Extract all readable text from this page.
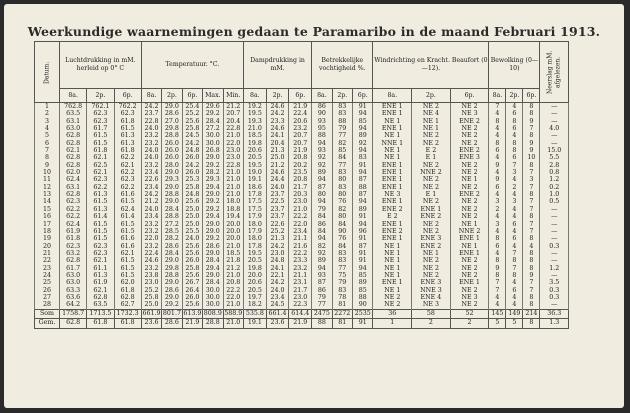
Weerkundige waarnemingen gedaan te Paramaribo in de maand Februari 1913.
Datum.	Luchtdrukking in mM. herleid op 0° C			Temperatuur. °C.					Dampdrukking in mM.			Betrekkelijke vochtigheid %.			Windrichting en Kracht. Beaufort (0—12).			Bewolking (0—10)			Neerslag mM. afgelezen.
	8a.	2p.	6p.	8a.	2p.	6p.	Max.	Min.	8a.	2p.	6p.	8a.	2p.	6p.	8a.	2p.	6p.	8a.	2p.	6p.	
1	762.8	762.1	762.2	24.2	29.0	25.4	29.6	21.2	19.2	24.6	21.9	86	83	91	ENE 1	NE 2	NE 2	7	4	8	—
2	63.5	62.3	62.3	23.7	28.6	25.2	29.2	20.7	19.5	24.2	22.4	90	83	94	ENE 1	NE 4	NE 3	4	6	8	—
3	63.1	62.3	61.8	22.8	27.0	25.6	28.4	20.4	19.3	23.3	20.6	93	88	85	NE 1	NE 1	ENE 2	8	8	9	—
4	63.0	61.7	61.5	24.0	29.8	25.8	27.2	22.8	21.0	24.6	23.2	95	79	94	ENE 1	NE 1	NE 2	4	6	7	4.0
5	62.8	61.5	61.3	23.2	28.8	24.5	30.0	21.0	18.5	24.1	20.7	88	77	89	NE 1	NE 2	NE 2	4	4	8	—
6	62.8	61.5	61.3	23.2	26.0	24.2	30.0	22.0	19.8	20.4	20.7	94	82	92	NNE 1	NE 2	NE 2	8	8	9	—
7	62.1	61.8	61.8	24.0	26.0	24.8	26.8	23.0	20.6	21.3	21.9	93	85	94	NE 1	E 2	ENE 2	6	8	9	15.0
8	62.8	62.1	62.2	24.0	26.0	26.0	29.0	23.0	20.5	25.0	20.8	92	84	83	NE 1	E 1	ENE 3	4	6	10	5.5
9	62.8	62.5	62.1	23.2	28.0	24.2	29.2	22.8	19.5	21.2	20.2	92	77	91	ENE 1	NE 2	NE 2	9	7	8	2.8
10	62.0	62.1	62.2	23.4	29.0	26.0	28.2	21.0	19.0	24.6	23.5	89	83	94	ENE 1	NNE 2	NE 2	4	3	7	0.8
11	62.4	62.3	62.3	22.6	29.3	25.3	29.3	21.0	19.1	24.4	20.8	94	80	87	ENE 1	NE 2	NE 1	9	4	3	1.2
12	63.1	62.2	62.2	23.4	29.0	25.8	29.4	21.0	18.6	24.0	21.7	87	83	88	ENE 1	NE 2	NE 2	6	2	7	0.2
13	62.8	61.3	61.6	24.2	28.8	24.8	29.0	21.0	17.8	23.7	20.3	80	80	87	NE 3	E 1	ENE 2	4	4	8	1.0
14	62.3	61.5	61.5	21.2	29.0	25.6	29.2	18.0	17.5	22.5	23.0	94	76	94	ENE 1	NE 2	NE 2	3	3	7	0.5
15	62.2	61.3	62.4	24.0	28.4	25.0	29.2	18.8	17.5	23.7	21.0	79	82	89	ENE 2	ENE 1	NE 2	2	4	7	—
16	62.2	61.4	61.4	23.4	28.8	25.0	29.4	19.4	17.9	23.7	22.2	84	80	91	E 2	ENE 2	NE 2	4	4	8	—
17	62.4	61.5	61.5	23.2	27.2	25.0	29.0	20.0	18.0	22.6	22.0	86	84	94	ENE 1	NE 2	NE 1	3	6	7	—
18	61.9	61.5	61.5	23.2	28.5	25.5	29.0	20.0	17.9	25.2	23.4	84	90	96	ENE 2	NE 2	NNE 2	4	4	7	—
19	61.8	61.5	61.6	22.0	28.2	24.0	29.2	20.0	18.0	21.3	21.1	94	76	91	ENE 1	ENE 3	ENE 1	8	6	8	—
20	62.3	62.3	61.6	23.2	28.6	25.6	28.6	21.0	17.8	24.2	21.6	82	84	87	NE 1	ENE 2	NE 1	6	4	4	0.3
21	63.2	62.3	62.1	22.4	28.4	25.6	29.0	18.5	19.5	23.0	22.2	92	83	91	NE 1	NE 1	ENE 1	4	7	8	—
22	62.8	62.1	61.5	24.6	29.0	26.0	28.4	21.8	20.5	24.8	23.3	89	83	91	NE 1	NE 2	NE 2	8	8	8	—
23	61.7	61.1	61.5	23.2	29.8	25.8	29.4	21.2	19.8	24.1	23.2	94	77	94	NE 1	NE 2	NE 2	9	7	8	1.2
24	63.0	61.3	61.5	23.8	28.8	25.6	29.0	21.0	20.0	22.1	21.1	93	75	85	NE 1	NE 2	NE 2	8	8	9	—
25	63.0	61.9	62.0	23.0	29.0	26.7	28.4	20.8	20.6	24.2	23.1	87	79	89	ENE 1	ENE 3	ENE 1	7	4	7	3.5
26	63.3	62.1	61.8	25.2	28.6	26.4	30.0	22.2	20.5	24.0	21.7	86	83	85	NE 1	NNE 3	NE 2	7	6	7	0.3
27	63.6	62.8	62.8	25.8	29.0	26.0	30.0	22.0	19.7	23.4	23.0	79	78	88	NE 2	ENE 4	NE 3	4	4	8	0.3
28	64.2	63.5	62.7	25.0	29.2	25.6	30.0	21.0	18.2	24.5	22.3	77	81	90	NE 2	NE 3	NE 2	4	4	8	—
Som	1758.7	1713.5	1732.3	661.9	801.7	613.9	808.9	588.9	535.8	661.4	614.4	2475	2272	2535	36	58	52	145	149	214	36.3
Gem.	62.8	61.8	61.8	23.6	28.6	21.9	28.8	21.0	19.1	23.6	21.9	88	81	91	1	2	2	5	5	8	1.3
